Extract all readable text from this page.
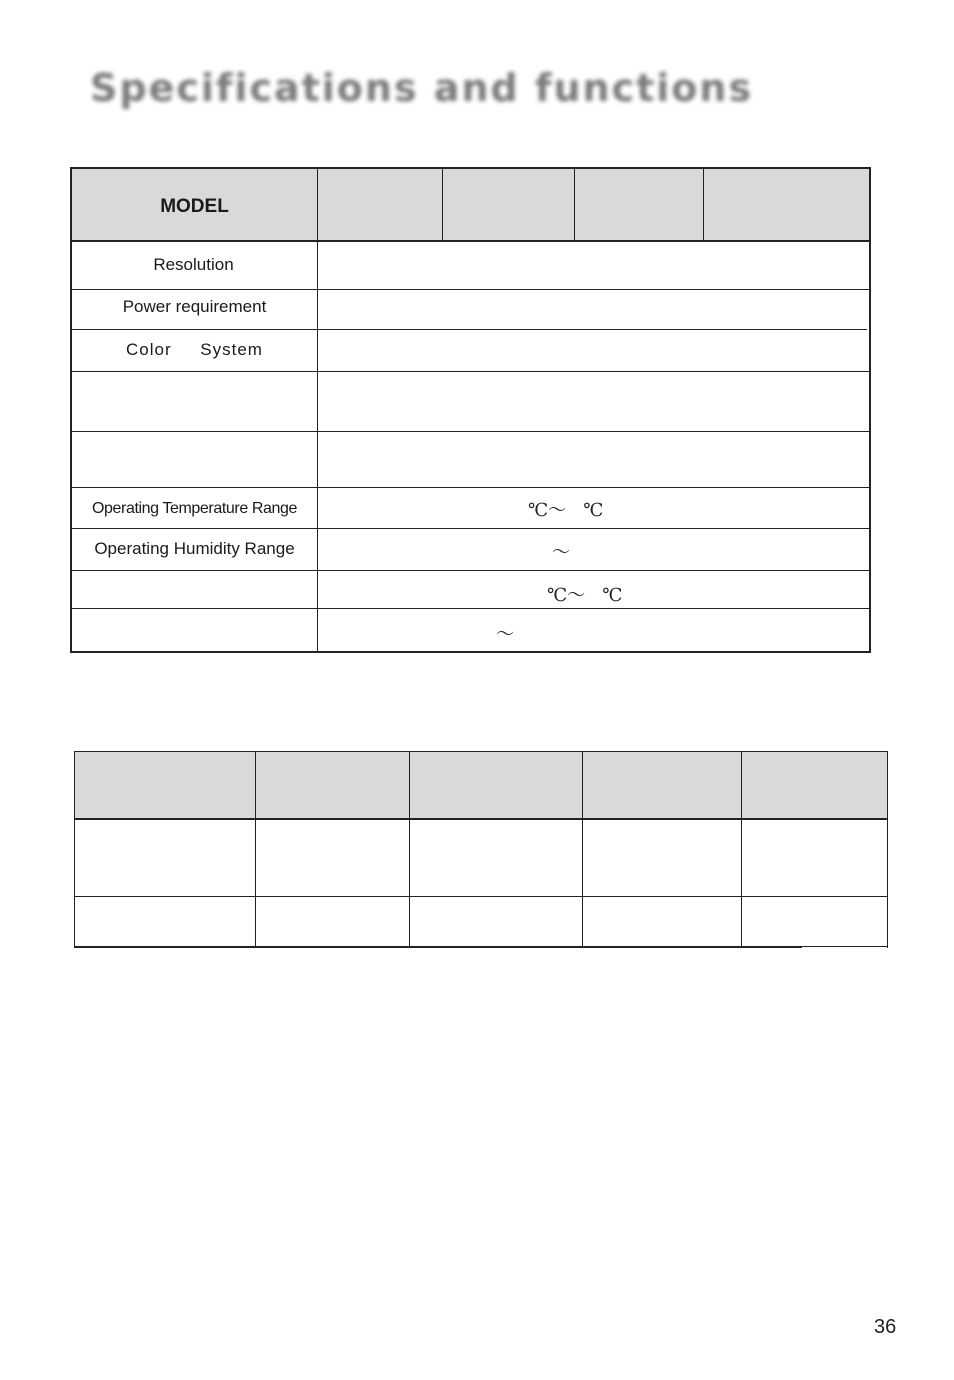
Specifications and functions
MODEL
Resolution
Power requirement
Color     System
Operating Temperature Range
Operating Humidity Range
℃～   ℃
～
℃～   ℃
～
36
